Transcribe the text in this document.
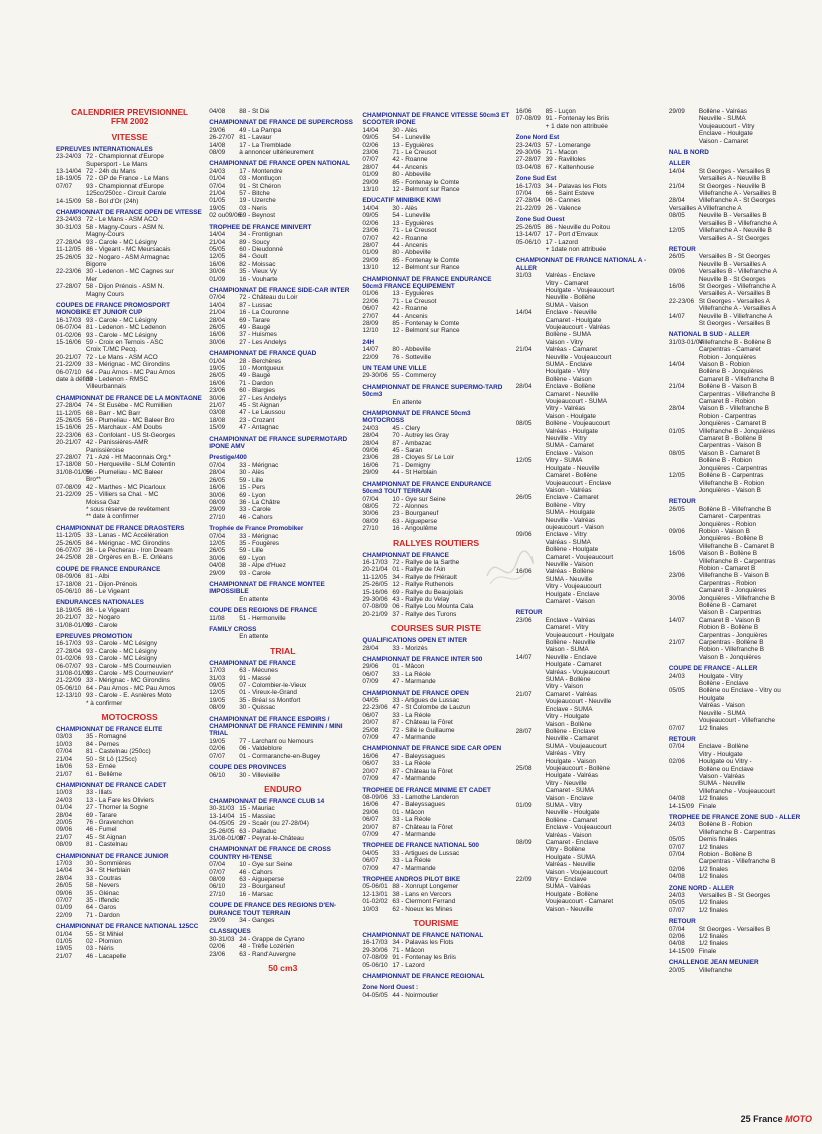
CALENDRIER PREVISIONNEL
FFM 2002
VITESSE
EPREUVES INTERNATIONALES
23-24/03 72 - Championnat d'Europe
Supersport - Le Mans
13-14/04 72 - 24h du Mans
18-19/05 72 - GP de France - Le Mans
07/07 93 - Championnat d'Europe
125cc/250cc - Circuit Carole
14-15/09 58 - Bol d'Or (24h)
CHAMPIONNAT DE FRANCE OPEN DE VITESSE
23-24/03 72 - Le Mans - ASM ACO
30-31/03 58 - Magny-Cours - ASM N.
Magny-Cours
27-28/04 93 - Carole - MC Lésigny
11-12/05 86 - Vigeant - MC Meursacais
25-26/05 32 - Nogaro - ASM Armagnac
Bigorre
22-23/06 30 - Ledenon - MC Cagnes sur
Mer
27-28/07 58 - Dijon Prénois - ASM N.
Magny Cours
COUPES DE FRANCE PROMOSPORT MONOBIKE ET JUNIOR CUP
16-17/03 93 - Carole - MC Lésigny
06-07/04 81 - Ledenon - MC Ledenon
01-02/06 93 - Carole - MC Lésigny
15-16/06 59 - Croix en Ternois - ASC
Croix T./MC Pecq.
20-21/07 72 - Le Mans - ASM ACO
21-22/09 33 - Mérignac - MC Girondins
06-07/10 64 - Pau Arnos - MC Pau Arnos
date à définir30 - Ledenon - RMSC
Villeurbannais
CHAMPIONNAT DE FRANCE DE LA MONTAGNE
27-28/04 74 - St Eusèbe - MC Rumillien
11-12/05 68 - Barr - MC Barr
25-26/05 56 - Plumeliau - MC Baleer Bro
15-16/06 25 - Marchaux - AM Doubs
22-23/06 63 - Confolant - US St-Georges
20-21/07 42 - Panissières-AMR
Panissièroise
27-28/07 71 - Azé - Ht Maconnais Org.*
17-18/08 50 - Herqueville - SLM Cotentin
31/08-01/0956 - Plumeliau - MC Baleer
Bro**
07-08/09 42 - Marthes - MC Picarloux
21-22/09 25 - Villiers sa Chal. - MC
Moissa Gaz
* sous réserve de revêtement
** date à confirmer
CHAMPIONNAT DE FRANCE DRAGSTERS
11-12/05 33 - Lanas - MC Accélération
25-26/05 84 - Mérignac - MC Girondins
06-07/07 36 - Le Pecherau - Iron Dream
24-25/08 28 - Orgères en B.- E. Orléans
COUPE DE FRANCE ENDURANCE
08-09/06 81 - Albi
17-18/08 21 - Dijon-Prénois
05-06/10 86 - Le Vigeant
ENDURANCES NATIONALES
18-19/05 86 - Le Vigeant
20-21/07 32 - Nogaro
31/08-01/0993 - Carole
EPREUVES PROMOTION
16-17/03 93 - Carole - MC Lésigny
27-28/04 93 - Carole - MC Lésigny
01-02/06 93 - Carole - MC Lésigny
06-07/07 93 - Carole - MS Courneuvien
31/08-01/0993 - Carole - MS Courneuvien*
21-22/09 33 - Mérignac - MC Girondins
05-06/10 64 - Pau Arnos - MC Pau Arnos
12-13/10 93 - Carole - E. Asnières Moto
* à confirmer
MOTOCROSS
CHAMPIONNAT DE FRANCE ELITE
03/03 35 - Romagné
10/03 84 - Pernes
07/04 81 - Castelnau (250cc)
21/04 50 - St Lô (125cc)
16/06 53 - Ernée
21/07 61 - Bellême
CHAMPIONNAT DE FRANCE CADET
10/03 33 - Illats
24/03 13 - La Fare les Oliviers
01/04 27 - Thorner la Sogne
28/04 69 - Tarare
20/05 76 - Gravenchon
09/06 46 - Fumel
21/07 45 - St Aignan
08/09 81 - Castelnau
CHAMPIONNAT DE FRANCE JUNIOR
17/03 30 - Sommières
14/04 34 - St Herblain
28/04 33 - Coutras
26/05 58 - Nevers
09/06 35 - Glénac
07/07 35 - Iffendic
01/09 64 - Garos
22/09 71 - Dardon
CHAMPIONNAT DE FRANCE NATIONAL 125CC
01/04 55 - St Mihiel
01/05 02 - Plomion
19/05 03 - Néris
21/07 46 - Lacapelle
04/08 88 - St Dié
CHAMPIONNAT DE FRANCE DE SUPERCROSS
29/06 49 - La Pampa
26-27/07 81 - Lavaur
14/08 17 - La Tremblade
08/09 à annoncer ultérieurement
CHAMPIONNAT DE FRANCE OPEN NATIONAL
24/03 17 - Montendre
01/04 03 - Montluçon
07/04 91 - St Chéron
21/04 57 - Bitche
01/05 19 - Uzerche
19/05 03 - Neris
02 ou09/0669 - Beynost
TROPHEE DE FRANCE MINIVERT
14/04 34 - Frontignan
21/04 89 - Soucy
05/05 60 - Dieudonné
12/05 84 - Goult
16/06 82 - Moissac
30/06 35 - Vieux Vy
01/09 16 - Vouharte
CHAMPIONNAT DE FRANCE SIDE-CAR INTER
07/04 72 - Château du Loir
14/04 87 - Lussac
21/04 16 - La Couronne
28/04 69 - Tarare
26/05 49 - Baugé
16/06 37 - Huismes
30/06 27 - Les Andelys
CHAMPIONNAT DE FRANCE QUAD
01/04 28 - Berchères
19/05 10 - Montgueux
26/05 49 - Baugé
16/06 71 - Dardon
23/06 60 - Blargies
30/06 27 - Les Andelys
21/07 45 - St Aignan
03/08 47 - Le Laussou
18/08 23 - Crozant
15/09 47 - Antagnac
CHAMPIONNAT DE FRANCE SUPERMOTARD IPONE AMV
Prestige/400
07/04 33 - Mérignac
28/04 30 - Alès
26/05 59 - Lille
16/06 15 - Pers
30/06 69 - Lyon
08/09 36 - La Châtre
29/09 33 - Carole
27/10 46 - Cahors
Trophée de France Promobiker
07/04 33 - Mérignac
12/05 35 - Fougères
26/05 59 - Lille
30/06 69 - Lyon
04/08 38 - Alpe d'Huez
29/09 93 - Carole
CHAMPIONNAT DE FRANCE MONTEE IMPOSSIBLE
En attente
COUPE DES REGIONS DE FRANCE
11/08 51 - Hermonville
FAMILY CROSS
En attente
TRIAL
CHAMPIONNAT DE FRANCE
17/03 63 - Mécunes
31/03 91 - Massé
09/05 07 - Colombier-le-Vieux
12/05 01 - Vireux-le-Grand
19/05 35 - Bréal ss Montfort
08/09 30 - Quissac
CHAMPIONNAT DE FRANCE ESPOIRS / CHAMPIONNAT DE FRANCE FEMININ / MINI TRIAL
19/05 77 - Larchant ou Nemours
02/06 06 - Valdeblore
07/07 01 - Cormaranche-en-Bugey
COUPE DES PROVINCES
06/10 30 - Villevieille
ENDURO
CHAMPIONNAT DE FRANCE CLUB 14
30-31/03 15 - Mauriac
13-14/04 15 - Massiac
04-05/05 29 - Scaër (ou 27-28/04)
25-26/05 63 - Palladuc
31/08-01/0987 - Peyrat-le-Château
CHAMPIONNAT DE FRANCE DE CROSS COUNTRY HI-TENSE
07/04 10 - Gye sur Seine
07/07 46 - Cahors
08/09 63 - Aigueperse
06/10 23 - Bourganeuf
27/10 16 - Marsac
COUPE DE FRANCE DES REGIONS D'EN-DURANCE TOUT TERRAIN
29/09 34 - Ganges
CLASSIQUES
30-31/03 24 - Grappe de Cyrano
02/06 48 - Trèfle Lozérien
23/06 63 - Rand'Auvergne
50 cm3
CHAMPIONNAT DE FRANCE VITESSE 50cm3 ET SCOOTER IPONE
14/04 30 - Alès
09/05 54 - Luneville
02/06 13 - Eyguières
23/06 71 - Le Creusot
07/07 42 - Roanne
28/07 44 - Ancenis
01/09 80 - Abbeville
29/09 85 - Fontenay le Comte
13/10 12 - Belmont sur Rance
EDUCATIF MINIBIKE KIWI
14/04 30 - Alès
09/05 54 - Luneville
02/06 13 - Eyguières
23/06 71 - Le Creusot
07/07 42 - Roanne
28/07 44 - Ancenis
01/09 80 - Abbeville
29/09 85 - Fontenay le Comte
13/10 12 - Belmont sur Rance
CHAMPIONNAT DE FRANCE ENDURANCE 50cm3 FRANCE EQUIPEMENT
01/06 13 - Eyguières
22/06 71 - Le Creusot
06/07 42 - Roanne
27/07 44 - Ancenis
28/09 85 - Fontenay le Comte
12/10 12 - Belmont sur Rance
24H
14/07 80 - Abbeville
22/09 76 - Sotteville
UN TEAM UNE VILLE
29-30/06 55 - Commercy
CHAMPIONNAT DE FRANCE SUPERMO-TARD 50cm3
En attente
CHAMPIONNAT DE FRANCE 50cm3 MOTOCROSS
24/03 45 - Clery
28/04 70 - Autrey les Gray
28/04 87 - Ambazac
09/06 45 - Saran
23/06 28 - Cloyes S/ Le Loir
16/06 71 - Demigny
29/09 44 - St Herblain
CHAMPIONNAT DE FRANCE ENDURANCE 50cm3 TOUT TERRAIN
07/04 10 - Gye sur Seine
08/05 72 - Alonnes
30/06 23 - Bourganeuf
08/09 63 - Aigueperse
27/10 16 - Angoulême
RALLYES ROUTIERS
CHAMPIONNAT DE FRANCE
16-17/03 72 - Rallye de la Sarthe
20-21/04 01 - Rallye de l'Ain
11-12/05 34 - Rallye de l'Hérault
25-26/05 12 - Rallye Ruthenois
15-16/06 69 - Rallye du Beaujolais
29-30/06 43 - Rallye du Velay
07-08/09 06 - Rallye Lou Mounta Cala
20-21/09 37 - Rallye des Turons
COURSES SUR PISTE
QUALIFICATIONS OPEN ET INTER
28/04 33 - Morizès
CHAMPIONNAT DE FRANCE INTER 500
29/06 01 - Mâcon
06/07 33 - La Réole
07/09 47 - Marmande
CHAMPIONNAT DE FRANCE OPEN
04/05 33 - Artigues de Lussac
22-23/06 47 - St Colombe de Lauzun
06/07 33 - La Réole
20/07 87 - Château la Fôret
25/08 72 - Sillé le Guillaume
07/09 47 - Marmande
CHAMPIONNAT DE FRANCE SIDE CAR OPEN
16/06 47 - Baleyssagues
06/07 33 - La Réole
20/07 87 - Château la Fôret
07/09 47 - Marmande
TROPHEE DE FRANCE MINIME ET CADET
08-09/06 33 - Lamothe Landeron
16/06 47 - Baleyssagues
29/06 01 - Mâcon
06/07 33 - La Réole
20/07 87 - Château la Fôret
07/09 47 - Marmande
TROPHEE DE FRANCE NATIONAL 500
04/05 33 - Artigues de Lussac
06/07 33 - La Réole
07/09 47 - Marmande
TROPHEE ANDROS PILOT BIKE
05-06/01 88 - Xonrupt Longemer
12-13/01 38 - Lans en Vercors
01-02/02 63 - Clermont Ferrand
10/03 62 - Noeux les Mines
TOURISME
CHAMPIONNAT DE FRANCE NATIONAL
16-17/03 34 - Palavas les Flots
29-30/06 71 - Mâcon
07-08/09 91 - Fontenay les Briis
05-06/10 17 - Lazord
CHAMPIONNAT DE FRANCE REGIONAL
Zone Nord Ouest :
04-05/05 44 - Noirmoutier
16/06 85 - Luçon
07-08/09 91 - Fontenay les Briis
+ 1 date non attribuée
Zone Nord Est
23-24/03 57 - Lomerange
29-30/06 71 - Macon
27-28/07 39 - Ravilloles
03-04/08 67 - Kaltenhouse
Zone Sud Est
16-17/03 34 - Palavas les Flots
07/04 66 - Saint Esteve
27-28/04 06 - Cannes
21-22/09 26 - Valence
Zone Sud Ouest
25-26/05 86 - Neuville du Poitou
13-14/07 17 - Port d'Envaux
05-06/10 17 - Lazord
+ 1date non attribuée
CHAMPIONNAT DE FRANCE NATIONAL A - ALLER
31/03 Valréas - Enclave
Vitry - Camaret
Houlgate - Voujeaucourt
Neuville - Bollène
SUMA - Vaison
14/04 Enclave - Neuville
Camaret - Houlgate
Voujeaucourt - Valréas
Bollène - SUMA
Vaison - Vitry
21/04 Valréas - Camaret
Neuville - Voujeaucourt
SUMA - Enclave
Houlgate - Vitry
Bollène - Vaison
28/04 Enclave - Bollène
Camaret - Neuville
Voujeaucourt - SUMA
Vitry - Valréas
Vaison - Houlgate
08/05 Bollène - Voujeaucourt
Valréas - Houlgate
Neuville - Vitry
SUMA - Camaret
Enclave - Vaison
12/05 Vitry - SUMA
Houlgate - Neuville
Camaret - Bollène
Voujeaucourt - Enclave
Vaison - Valréas
26/05 Enclave - Camaret
Bollène - Vitry
SUMA - Houlgate
Neuville - Valréas
oujeaucourt - Vaison
09/06 Enclave - Vitry
Valréas - SUMA
Bollène - Houlgate
Camaret - Voujeaucourt
Neuville - Vaison
16/06 Valréas - Bollène
SUMA - Neuville
Vitry - Voujeaucourt
Houlgate - Enclave
Camaret - Vaison
RETOUR
23/06 Enclave - Valréas
Camaret - Vitry
Voujeaucourt - Houlgate
Bollène - Neuville
Vaison - SUMA
14/07 Neuville - Enclave
Houlgate - Camaret
Valréas - Voujeaucourt
SUMA - Bollène
Vitry - Vaison
21/07 Camaret - Valréas
Voujeaucourt - Neuville
Enclave - SUMA
Vitry - Houlgate
Vaison - Bollène
28/07 Bollène - Enclave
Neuville - Camaret
SUMA - Voujeaucourt
Valréas - Vitry
Houlgate - Vaison
25/08 Voujeaucourt - Bollène
Houlgate - Valréas
Vitry - Neuville
Camaret - SUMA
Vaison - Enclave
01/09 SUMA - Vitry
Neuville - Houlgate
Bollène - Camaret
Enclave - Voujeaucourt
Valréas - Vaison
08/09 Camaret - Enclave
Vitry - Bollène
Houlgate - SUMA
Valréas - Neuville
Vaison - Voujeaucourt
22/09 Vitry - Enclave
SUMA - Valréas
Houlgate - Bollène
Voujeaucourt - Camaret
Vaison - Neuville
29/09 Bollène - Valréas
Neuville - SUMA
Voujeaucourt - Vitry
Enclave - Houlgate
Vaison - Camaret
NAL B NORD
ALLER
14/04 St Georges - Versailles B
Versailles A - Neuville B
21/04 St Georges - Neuville B
Villefranche A - Versailles B
28/04 Villefranche A - St Georges
Versailles A- Villefranche A
08/05 Neuville B - Versailles B
Versailles B - Villefranche A
12/05 Villefranche A - Neuville B
Versailles A - St Georges
RETOUR
26/05 Versailles B - St Georges
Neuville B - Versailles A
09/06 Versailles B - Villefranche A
Neuville B - St Georges
16/06 St Georges - Villefranche A
Versailles A - Versailles B
22-23/06 St Georges - Versailles A
Villefranche A - Versailles A
14/07 Neuville B - Villefranche A
St Georges - Versailles B
NATIONAL B SUD - ALLER
31/03-01/04Villefranche B - Bollène B
Carpentras - Camaret
Robion - Jonquières
14/04 Vaison B - Robion
Bollène B - Jonquières
Camaret B - Villefranche B
21/04 Bollène B - Vaison B
Carpentras - Villefranche B
Camaret B - Robion
28/04 Vaison B - Villefranche B
Robion - Carpentras
Jonquières - Camaret B
01/05 Villefranche B - Jonquières
Camaret B - Bollène B
Carpentras - Vaison B
08/05 Vaison B - Camaret B
Bollène B - Robion
Jonquières - Carpentras
12/05 Bollène B - Carpentras
Villefranche B - Robion
Jonquières - Vaison B
RETOUR
26/05 Bollène B - Villefranche B
Camaret - Carpentras
Jonquières - Robion
09/06 Robion - Vaison B
Jonquières - Bollène B
Villefranche B - Camaret B
16/06 Vaison B - Bollène B
Villefranche B - Carpentras
Robion - Camaret B
23/06 Villefranche B - Vaison B
Carpentras - Robion
Camaret B - Jonquières
30/06 Jonquières - Villefranche B
Bollène B - Camaret
Vaison B - Carpentras
14/07 Camaret B - Vaison B
Robion B - Bollène B
Carpentras - Jonquières
21/07 Carpentras - Bollène B
Robion - Villefranche B
Vaison B - Jonquières
COUPE DE FRANCE - ALLER
24/03 Houlgate - Vitry
Bollène - Enclave
05/05 Bollène ou Enclave - Vitry ou
Houlgate
Valréas - Vaison
Neuville - SUMA
Voujeaucourt - Villefranche
07/07 1/2 finales
RETOUR
07/04 Enclave - Bollène
Vitry - Houlgate
02/06 Houlgate ou Vitry -
Bollène ou Enclave
Vaison - Valréas
SUMA - Neuville
Villefranche - Voujeaucourt
04/08 1/2 finales
14-15/09 Finale
TROPHEE DE FRANCE ZONE SUD - ALLER
24/03 Bollène B - Robion
Villefranche B - Carpentras
05/05 Demis finales
07/07 1/2 finales
07/04 Robion - Bollène B
Carpentras - Villefranche B
02/06 1/2 finales
04/08 1/2 finales
ZONE NORD - ALLER
24/03 Versailles B - St Georges
05/05 1/2 finales
07/07 1/2 finales
RETOUR
07/04 St Georges - Versailles B
02/06 1/2 finales
04/08 1/2 finales
14-15/09 Finale
CHALLENGE JEAN MEUNIER
20/05 Villefranche
25 France MOTO
